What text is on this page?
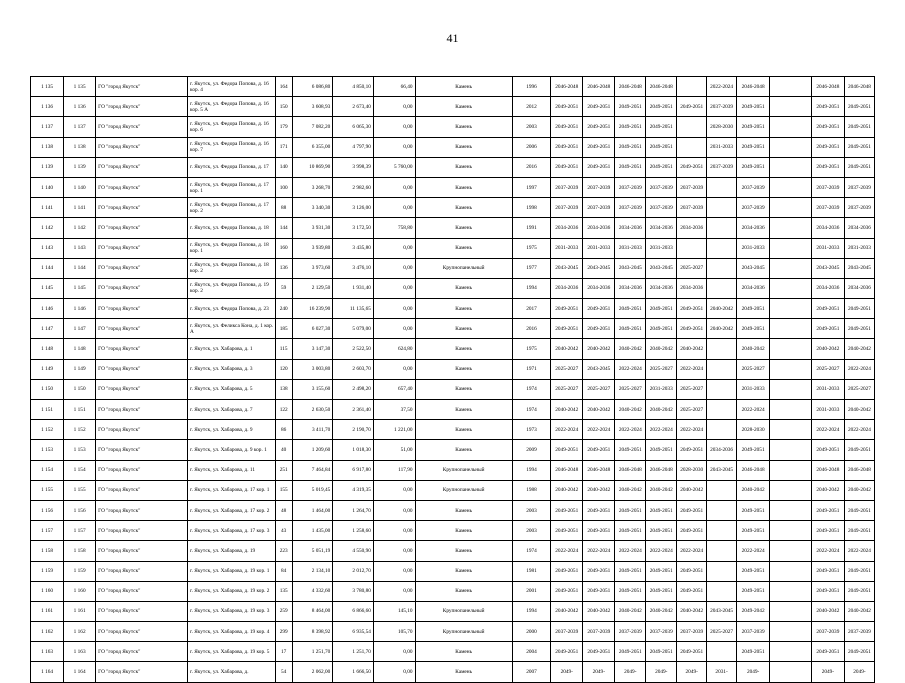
41
1 135	1 135	ГО "город Якутск"	г. Якутск, ул. Федора Попова, д. 16 кор. 4	164	6 086,80	4 850,10	66,40	Камень	1996	2046-2048	2046-2048	2046-2048	2046-2048		2022-2024	2046-2048		2046-2048	2046-2048
1 136	1 136	ГО "город Якутск"	г. Якутск, ул. Федора Попова, д. 16 кор. 5 А	150	3 608,93	2 673,40	0,00	Камень	2012	2049-2051	2049-2051	2049-2051	2049-2051	2049-2051	2037-2039	2049-2051		2049-2051	2049-2051
1 137	1 137	ГО "город Якутск"	г. Якутск, ул. Федора Попова, д. 16 кор. 6	179	7 082,20	6 065,30	0,00	Камень	2003	2049-2051	2049-2051	2049-2051	2049-2051		2028-2030	2049-2051		2049-2051	2049-2051
1 138	1 138	ГО "город Якутск"	г. Якутск, ул. Федора Попова, д. 16 кор. 7	171	6 355,00	4 797,90	0,00	Камень	2006	2049-2051	2049-2051	2049-2051	2049-2051		2031-2033	2049-2051		2049-2051	2049-2051
1 139	1 139	ГО "город Якутск"	г. Якутск, ул. Федора Попова, д. 17	140	10 869,90	3 998,39	5 760,00	Камень	2016	2049-2051	2049-2051	2049-2051	2049-2051	2049-2051	2037-2039	2049-2051		2049-2051	2049-2051
1 140	1 140	ГО "город Якутск"	г. Якутск, ул. Федора Попова, д. 17 кор. 1	100	3 268,70	2 982,60	0,00	Камень	1997	2037-2039	2037-2039	2037-2039	2037-2039	2037-2039		2037-2039		2037-2039	2037-2039
1 141	1 141	ГО "город Якутск"	г. Якутск, ул. Федора Попова, д. 17 кор. 2	88	3 340,30	3 126,00	0,00	Камень	1998	2037-2039	2037-2039	2037-2039	2037-2039	2037-2039		2037-2039		2037-2039	2037-2039
1 142	1 142	ГО "город Якутск"	г. Якутск, ул. Федора Попова, д. 18	144	3 931,30	3 172,50	758,80	Камень	1991	2034-2036	2034-2036	2034-2036	2034-2036	2034-2036		2034-2036		2034-2036	2034-2036
1 143	1 143	ГО "город Якутск"	г. Якутск, ул. Федора Попова, д. 18 кор. 1	160	3 939,80	3 435,80	0,00	Камень	1975	2031-2033	2031-2033	2031-2033	2031-2033			2031-2033		2031-2033	2031-2033
1 144	1 144	ГО "город Якутск"	г. Якутск, ул. Федора Попова, д. 18 кор. 2	136	3 973,60	3 476,10	0,00	Крупнопанельный	1977	2043-2045	2043-2045	2043-2045	2043-2045	2025-2027		2043-2045		2043-2045	2043-2045
1 145	1 145	ГО "город Якутск"	г. Якутск, ул. Федора Попова, д. 19 кор. 2	59	2 129,50	1 931,40	0,00	Камень	1994	2034-2036	2034-2036	2034-2036	2034-2036	2034-2036		2034-2036		2034-2036	2034-2036
1 146	1 146	ГО "город Якутск"	г. Якутск, ул. Федора Попова, д. 23	240	16 239,90	11 135,65	0,00	Камень	2017	2049-2051	2049-2051	2049-2051	2049-2051	2049-2051	2040-2042	2049-2051		2049-2051	2049-2051
1 147	1 147	ГО "город Якутск"	г. Якутск, ул. Феликса Кона, д. 1 кор. А	185	6 027,30	5 079,00	0,00	Камень	2016	2049-2051	2049-2051	2049-2051	2049-2051	2049-2051	2040-2042	2049-2051		2049-2051	2049-2051
1 148	1 148	ГО "город Якутск"	г. Якутск, ул. Хабарова, д. 1	115	3 147,30	2 522,50	624,80	Камень	1975	2040-2042	2040-2042	2040-2042	2040-2042	2040-2042		2040-2042		2040-2042	2040-2042
1 149	1 149	ГО "город Якутск"	г. Якутск, ул. Хабарова, д. 3	120	3 003,80	2 603,70	0,00	Камень	1971	2025-2027	2043-2045	2022-2024	2025-2027	2022-2024		2025-2027		2025-2027	2022-2024
1 150	1 150	ГО "город Якутск"	г. Якутск, ул. Хабарова, д. 5	138	3 155,60	2 498,20	657,40	Камень	1974	2025-2027	2025-2027	2025-2027	2031-2033	2025-2027		2031-2033		2031-2033	2025-2027
1 151	1 151	ГО "город Якутск"	г. Якутск, ул. Хабарова, д. 7	122	2 630,50	2 361,40	37,50	Камень	1974	2040-2042	2040-2042	2040-2042	2040-2042	2025-2027		2022-2024		2031-2033	2040-2042
1 152	1 152	ГО "город Якутск"	г. Якутск, ул. Хабарова, д. 9	86	3 411,70	2 190,70	1 221,00	Камень	1973	2022-2024	2022-2024	2022-2024	2022-2024	2022-2024		2028-2030		2022-2024	2022-2024
1 153	1 153	ГО "город Якутск"	г. Якутск, ул. Хабарова, д. 9 кор. 1	40	1 209,60	1 018,30	51,00	Камень	2009	2049-2051	2049-2051	2049-2051	2049-2051	2049-2051	2034-2036	2049-2051		2049-2051	2049-2051
1 154	1 154	ГО "город Якутск"	г. Якутск, ул. Хабарова, д. 11	251	7 464,84	6 917,80	117,90	Крупнопанельный	1994	2046-2048	2046-2048	2046-2048	2046-2048	2028-2030	2043-2045	2046-2048		2046-2048	2046-2048
1 155	1 155	ГО "город Якутск"	г. Якутск, ул. Хабарова, д. 17 кор. 1	155	5 019,45	4 319,35	0,00	Крупнопанельный	1988	2040-2042	2040-2042	2040-2042	2040-2042	2040-2042		2040-2042		2040-2042	2040-2042
1 156	1 156	ГО "город Якутск"	г. Якутск, ул. Хабарова, д. 17 кор. 2	48	1 464,00	1 264,70	0,00	Камень	2003	2049-2051	2049-2051	2049-2051	2049-2051	2049-2051		2049-2051		2049-2051	2049-2051
1 157	1 157	ГО "город Якутск"	г. Якутск, ул. Хабарова, д. 17 кор. 3	43	1 435,00	1 258,60	0,00	Камень	2003	2049-2051	2049-2051	2049-2051	2049-2051	2049-2051		2049-2051		2049-2051	2049-2051
1 158	1 158	ГО "город Якутск"	г. Якутск, ул. Хабарова, д. 19	223	5 051,19	4 550,90	0,00	Камень	1974	2022-2024	2022-2024	2022-2024	2022-2024	2022-2024		2022-2024		2022-2024	2022-2024
1 159	1 159	ГО "город Якутск"	г. Якутск, ул. Хабарова, д. 19 кор. 1	84	2 134,10	2 012,70	0,00	Камень	1981	2049-2051	2049-2051	2049-2051	2049-2051	2049-2051		2049-2051		2049-2051	2049-2051
1 160	1 160	ГО "город Якутск"	г. Якутск, ул. Хабарова, д. 19 кор. 2	135	4 332,60	3 780,80	0,00	Камень	2001	2049-2051	2049-2051	2049-2051	2049-2051	2049-2051		2049-2051		2049-2051	2049-2051
1 161	1 161	ГО "город Якутск"	г. Якутск, ул. Хабарова, д. 19 кор. 3	259	8 464,00	6 866,60	145,10	Крупнопанельный	1994	2040-2042	2040-2042	2040-2042	2040-2042	2040-2042	2043-2045	2049-2042		2040-2042	2040-2042
1 162	1 162	ГО "город Якутск"	г. Якутск, ул. Хабарова, д. 19 кор. 4	299	8 398,92	6 935,54	105,70	Крупнопанельный	2000	2037-2039	2037-2039	2037-2039	2037-2039	2037-2039	2025-2027	2037-2039		2037-2039	2037-2039
1 163	1 163	ГО "город Якутск"	г. Якутск, ул. Хабарова, д. 19 кор. 5	17	1 251,70	1 251,70	0,00	Камень	2004	2049-2051	2049-2051	2049-2051	2049-2051	2049-2051		2049-2051		2049-2051	2049-2051
1 164	1 164	ГО "город Якутск"	г. Якутск, ул. Хабарова, д.	54	2 062,00	1 666,50	0,00	Камень	2007	2049-	2049-	2049-	2049-	2049-	2031-	2049-		2049-	2049-
